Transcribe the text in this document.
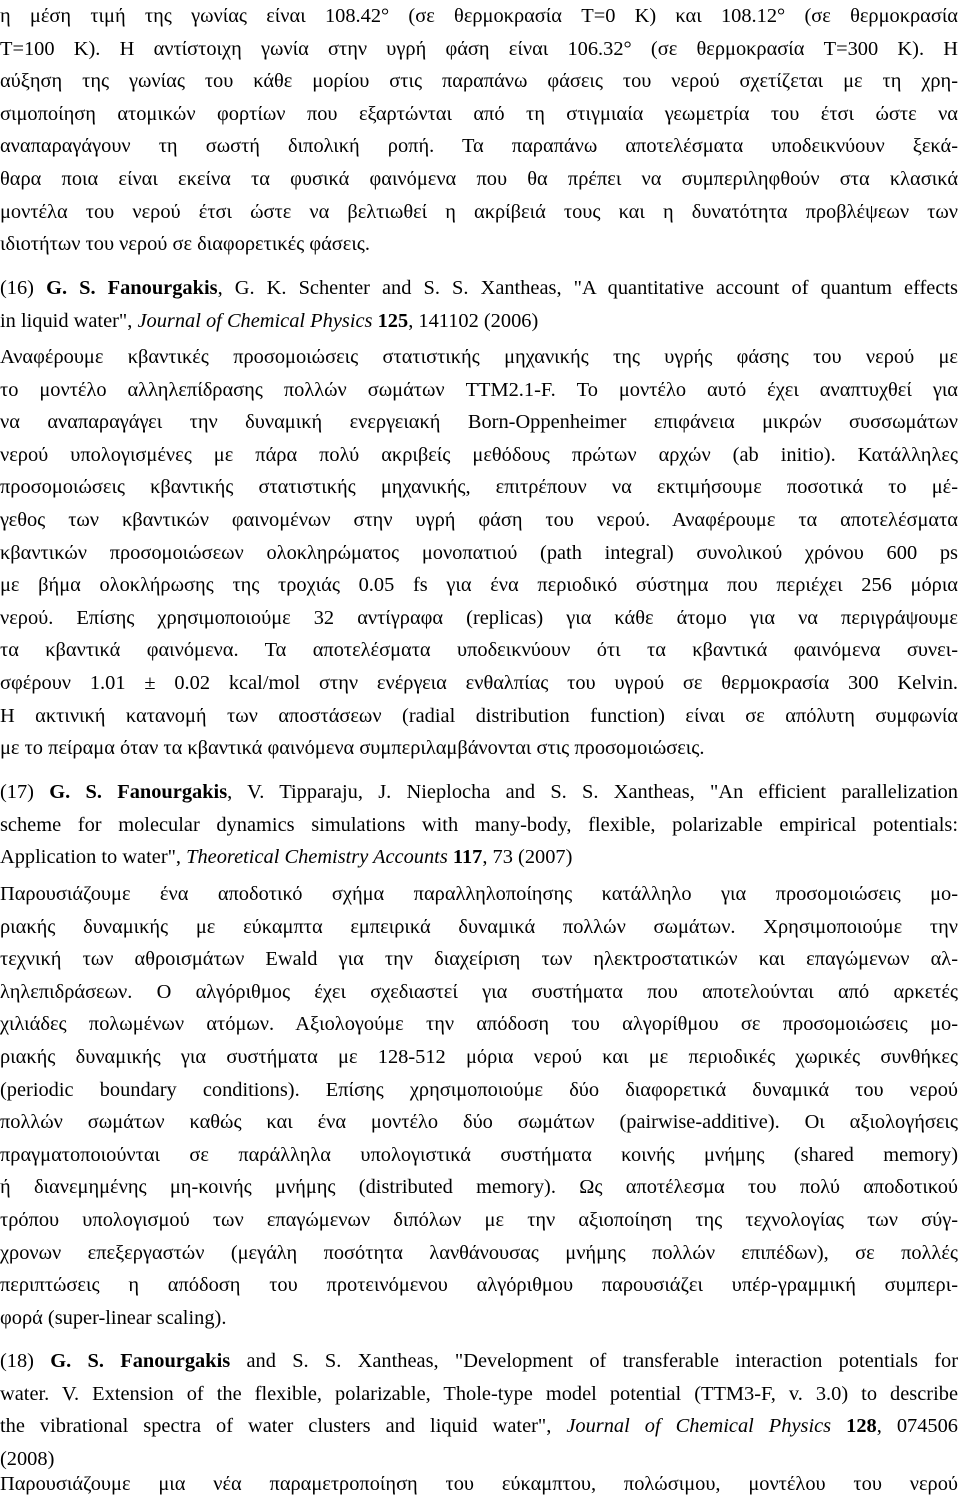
η μέση τιμή της γωνίας είναι 108.42° (σε θερμοκρασία T=0 K) και 108.12° (σε θερμοκρασία
T=100 K). Η αντίστοιχη γωνία στην υγρή φάση είναι 106.32° (σε θερμοκρασία T=300 K). Η
αύξηση της γωνίας του κάθε μορίου στις παραπάνω φάσεις του νερού σχετίζεται με τη χρη-
σιμοποίηση ατομικών φορτίων που εξαρτώνται από τη στιγμιαία γεωμετρία του έτσι ώστε να
αναπαραγάγουν τη σωστή διπολική ροπή. Τα παραπάνω αποτελέσματα υποδεικνύουν ξεκά-
θαρα ποια είναι εκείνα τα φυσικά φαινόμενα που θα πρέπει να συμπεριληφθούν στα κλασικά
μοντέλα του νερού έτσι ώστε να βελτιωθεί η ακρίβειά τους και η δυνατότητα προβλέψεων των
ιδιοτήτων του νερού σε διαφορετικές φάσεις.
(16) G. S. Fanourgakis, G. K. Schenter and S. S. Xantheas, "A quantitative account of quantum effects
in liquid water", Journal of Chemical Physics 125, 141102 (2006)
Αναφέρουμε κβαντικές προσομοιώσεις στατιστικής μηχανικής της υγρής φάσης του νερού με
το μοντέλο αλληλεπίδρασης πολλών σωμάτων TTM2.1-F. Το μοντέλο αυτό έχει αναπτυχθεί για
να αναπαραγάγει την δυναμική ενεργειακή Born-Oppenheimer επιφάνεια μικρών συσσωμάτων
νερού υπολογισμένες με πάρα πολύ ακριβείς μεθόδους πρώτων αρχών (ab initio). Κατάλληλες
προσομοιώσεις κβαντικής στατιστικής μηχανικής, επιτρέπουν να εκτιμήσουμε ποσοτικά το μέ-
γεθος των κβαντικών φαινομένων στην υγρή φάση του νερού. Αναφέρουμε τα αποτελέσματα
κβαντικών προσομοιώσεων ολοκληρώματος μονοπατιού (path integral) συνολικού χρόνου 600 ps
με βήμα ολοκλήρωσης της τροχιάς 0.05 fs για ένα περιοδικό σύστημα που περιέχει 256 μόρια
νερού. Επίσης χρησιμοποιούμε 32 αντίγραφα (replicas) για κάθε άτομο για να περιγράψουμε
τα κβαντικά φαινόμενα. Τα αποτελέσματα υποδεικνύουν ότι τα κβαντικά φαινόμενα συνει-
σφέρουν 1.01 ± 0.02 kcal/mol στην ενέργεια ενθαλπίας του υγρού σε θερμοκρασία 300 Kelvin.
Η ακτινική κατανομή των αποστάσεων (radial distribution function) είναι σε απόλυτη συμφωνία
με το πείραμα όταν τα κβαντικά φαινόμενα συμπεριλαμβάνονται στις προσομοιώσεις.
(17) G. S. Fanourgakis, V. Tipparaju, J. Nieplocha and S. S. Xantheas, "An efficient parallelization
scheme for molecular dynamics simulations with many-body, flexible, polarizable empirical potentials:
Application to water", Theoretical Chemistry Accounts 117, 73 (2007)
Παρουσιάζουμε ένα αποδοτικό σχήμα παραλληλοποίησης κατάλληλο για προσομοιώσεις μο-
ριακής δυναμικής με εύκαμπτα εμπειρικά δυναμικά πολλών σωμάτων. Χρησιμοποιούμε την
τεχνική των αθροισμάτων Ewald για την διαχείριση των ηλεκτροστατικών και επαγώμενων αλ-
ληλεπιδράσεων. Ο αλγόριθμος έχει σχεδιαστεί για συστήματα που αποτελούνται από αρκετές
χιλιάδες πολωμένων ατόμων. Αξιολογούμε την απόδοση του αλγορίθμου σε προσομοιώσεις μο-
ριακής δυναμικής για συστήματα με 128-512 μόρια νερού και με περιοδικές χωρικές συνθήκες
(periodic boundary conditions). Επίσης χρησιμοποιούμε δύο διαφορετικά δυναμικά του νερού
πολλών σωμάτων καθώς και ένα μοντέλο δύο σωμάτων (pairwise-additive). Οι αξιολογήσεις
πραγματοποιούνται σε παράλληλα υπολογιστικά συστήματα κοινής μνήμης (shared memory)
ή διανεμημένης μη-κοινής μνήμης (distributed memory). Ως αποτέλεσμα του πολύ αποδοτικού
τρόπου υπολογισμού των επαγώμενων διπόλων με την αξιοποίηση της τεχνολογίας των σύγ-
χρονων επεξεργαστών (μεγάλη ποσότητα λανθάνουσας μνήμης πολλών επιπέδων), σε πολλές
περιπτώσεις η απόδοση του προτεινόμενου αλγόριθμου παρουσιάζει υπέρ-γραμμική συμπερι-
φορά (super-linear scaling).
(18) G. S. Fanourgakis and S. S. Xantheas, "Development of transferable interaction potentials for
water. V. Extension of the flexible, polarizable, Thole-type model potential (TTM3-F, v. 3.0) to describe
the vibrational spectra of water clusters and liquid water", Journal of Chemical Physics 128, 074506
(2008)
Παρουσιάζουμε μια νέα παραμετροποίηση του εύκαμπτου, πολώσιμου, μοντέλου του νερού
